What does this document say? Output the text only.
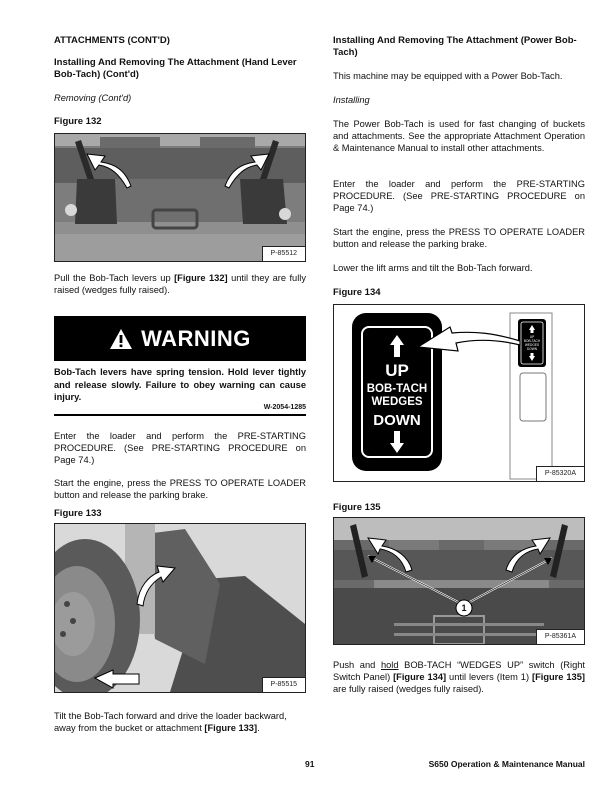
ATTACHMENTS (CONT'D)
Installing And Removing The Attachment (Hand Lever Bob-Tach) (Cont'd)
Removing (Cont'd)
Figure 132
P-85512
Pull the Bob-Tach levers up [Figure 132] until they are fully raised (wedges fully raised).
WARNING
Bob-Tach levers have spring tension. Hold lever tightly and release slowly. Failure to obey warning can cause injury.
W-2054-1285
Enter the loader and perform the PRE-STARTING PROCEDURE. (See PRE-STARTING PROCEDURE on Page 74.)
Start the engine, press the PRESS TO OPERATE LOADER button and release the parking brake.
Figure 133
P-85515
Tilt the Bob-Tach forward and drive the loader backward, away from the bucket or attachment [Figure 133].
Installing And Removing The Attachment (Power Bob-Tach)
This machine may be equipped with a Power Bob-Tach.
Installing
The Power Bob-Tach is used for fast changing of buckets and attachments. See the appropriate Attachment Operation & Maintenance Manual to install other attachments.
Enter the loader and perform the PRE-STARTING PROCEDURE. (See PRE-STARTING PROCEDURE on Page 74.)
Start the engine, press the PRESS TO OPERATE LOADER button and release the parking brake.
Lower the lift arms and tilt the Bob-Tach forward.
Figure 134
UP
BOB-TACH
WEDGES
DOWN
UP
BOB-TACH
WEDGES
DOWN
P-85320A
Figure 135
1
P-85361A
Push and hold BOB-TACH “WEDGES UP” switch (Right Switch Panel) [Figure 134] until levers (Item 1) [Figure 135] are fully raised (wedges fully raised).
91	S650 Operation & Maintenance Manual
